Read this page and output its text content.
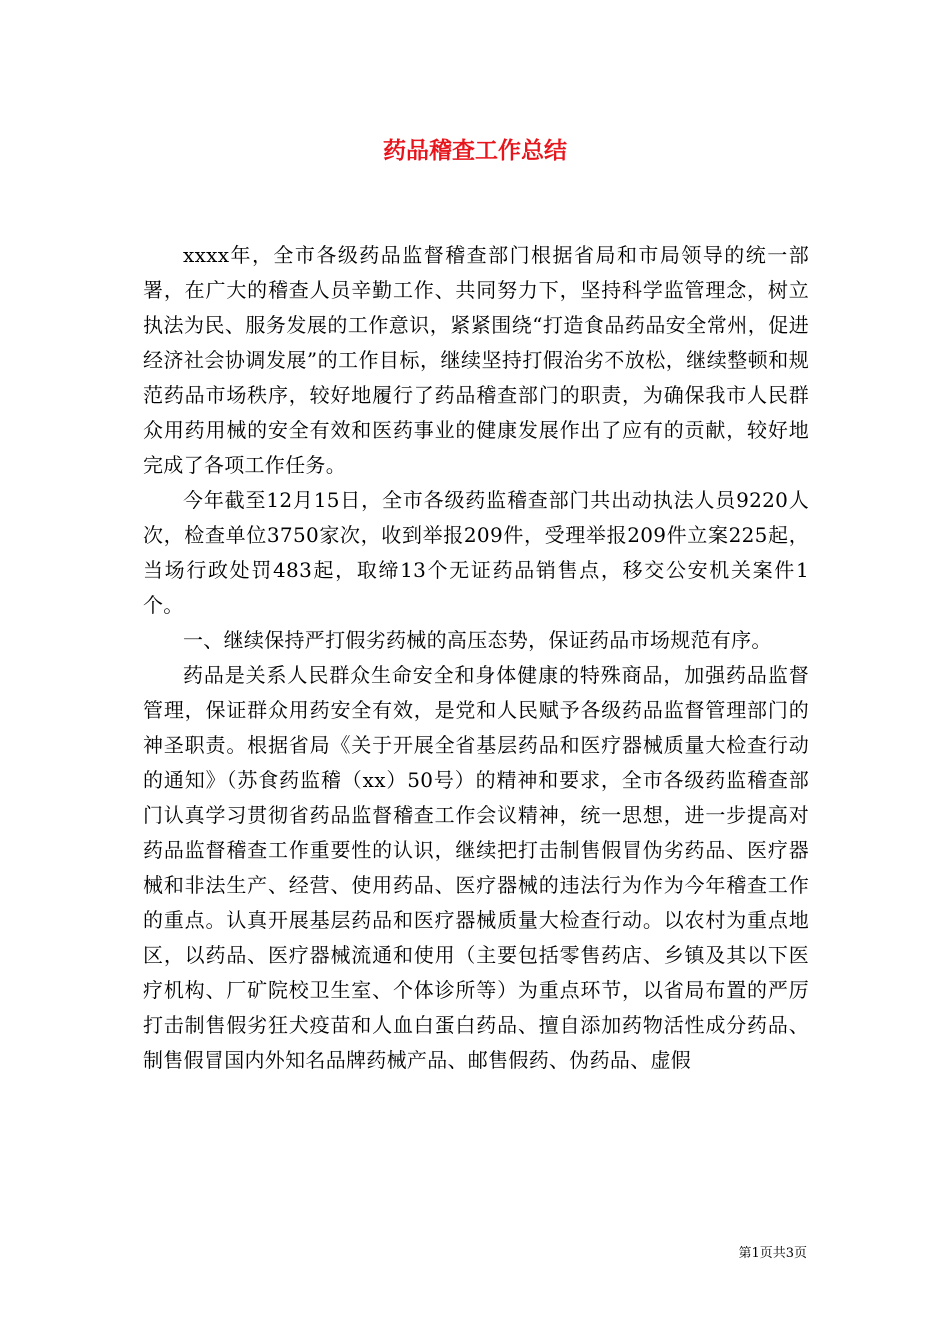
药品稽查工作总结

xxxx年，全市各级药品监督稽查部门根据省局和市局领导的统一部署，在广大的稽查人员辛勤工作、共同努力下，坚持科学监管理念，树立执法为民、服务发展的工作意识，紧紧围绕“打造食品药品安全常州，促进经济社会协调发展”的工作目标，继续坚持打假治劣不放松，继续整顿和规范药品市场秩序，较好地履行了药品稽查部门的职责，为确保我市人民群众用药用械的安全有效和医药事业的健康发展作出了应有的贡献，较好地完成了各项工作任务。

今年截至12月15日，全市各级药监稽查部门共出动执法人员9220人次，检查单位3750家次，收到举报209件，受理举报209件立案225起，当场行政处罚483起，取缔13个无证药品销售点，移交公安机关案件1个。

一、继续保持严打假劣药械的高压态势，保证药品市场规范有序。

药品是关系人民群众生命安全和身体健康的特殊商品，加强药品监督管理，保证群众用药安全有效，是党和人民赋予各级药品监督管理部门的神圣职责。根据省局《关于开展全省基层药品和医疗器械质量大检查行动的通知》（苏食药监稽（xx）50号）的精神和要求，全市各级药监稽查部门认真学习贯彻省药品监督稽查工作会议精神，统一思想，进一步提高对药品监督稽查工作重要性的认识，继续把打击制售假冒伪劣药品、医疗器械和非法生产、经营、使用药品、医疗器械的违法行为作为今年稽查工作的重点。认真开展基层药品和医疗器械质量大检查行动。以农村为重点地区，以药品、医疗器械流通和使用（主要包括零售药店、乡镇及其以下医疗机构、厂矿院校卫生室、个体诊所等）为重点环节，以省局布置的严厉打击制售假劣狂犬疫苗和人血白蛋白药品、擅自添加药物活性成分药品、制售假冒国内外知名品牌药械产品、邮售假药、伪药品、虚假

第1页共3页
